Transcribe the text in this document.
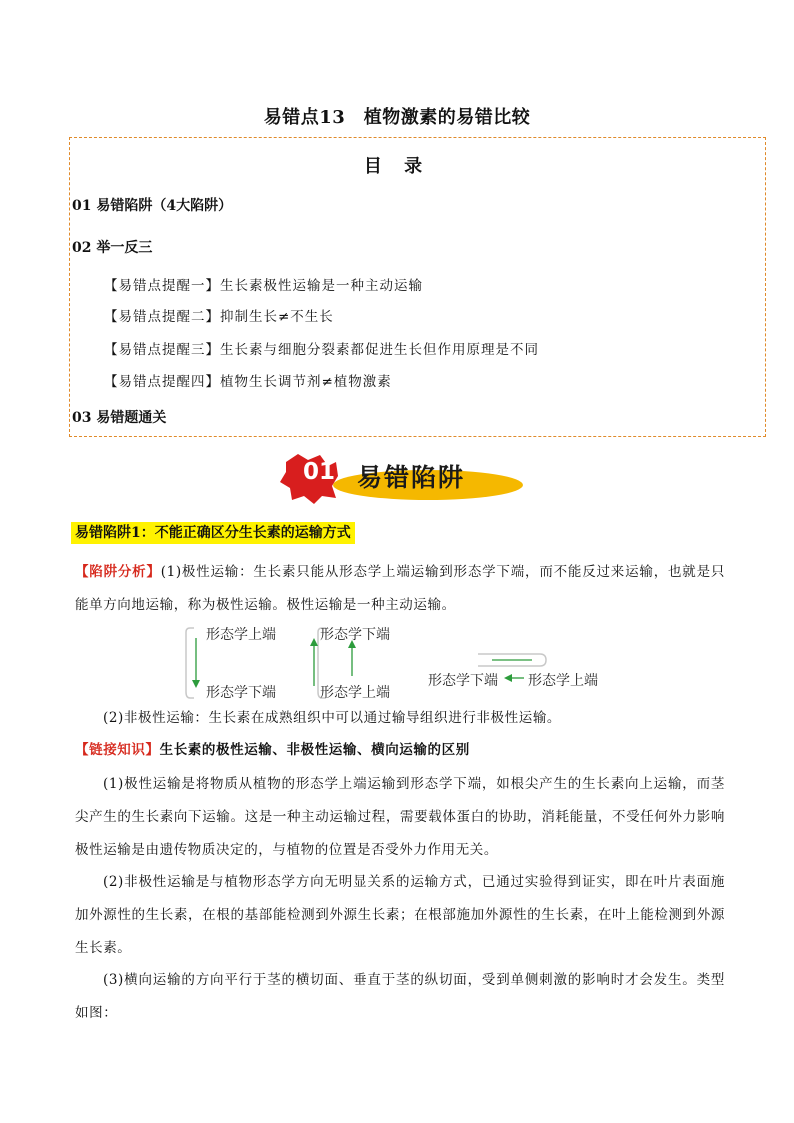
易错点13　植物激素的易错比较
目 录
01 易错陷阱（4大陷阱）
02 举一反三
【易错点提醒一】生长素极性运输是一种主动运输
【易错点提醒二】抑制生长≠不生长
【易错点提醒三】生长素与细胞分裂素都促进生长但作用原理是不同
【易错点提醒四】植物生长调节剂≠植物激素
03 易错题通关
01 易错陷阱
易错陷阱1：不能正确区分生长素的运输方式
【陷阱分析】(1)极性运输：生长素只能从形态学上端运输到形态学下端，而不能反过来运输，也就是只能单方向地运输，称为极性运输。极性运输是一种主动运输。
形态学上端
形态学下端
形态学下端
形态学上端
形态学下端 形态学上端
(2)非极性运输：生长素在成熟组织中可以通过输导组织进行非极性运输。
【链接知识】生长素的极性运输、非极性运输、横向运输的区别
(1)极性运输是将物质从植物的形态学上端运输到形态学下端，如根尖产生的生长素向上运输，而茎尖产生的生长素向下运输。这是一种主动运输过程，需要载体蛋白的协助，消耗能量，不受任何外力影响极性运输是由遗传物质决定的，与植物的位置是否受外力作用无关。
(2)非极性运输是与植物形态学方向无明显关系的运输方式，已通过实验得到证实，即在叶片表面施加外源性的生长素，在根的基部能检测到外源生长素；在根部施加外源性的生长素，在叶上能检测到外源生长素。
(3)横向运输的方向平行于茎的横切面、垂直于茎的纵切面，受到单侧刺激的影响时才会发生。类型如图：
